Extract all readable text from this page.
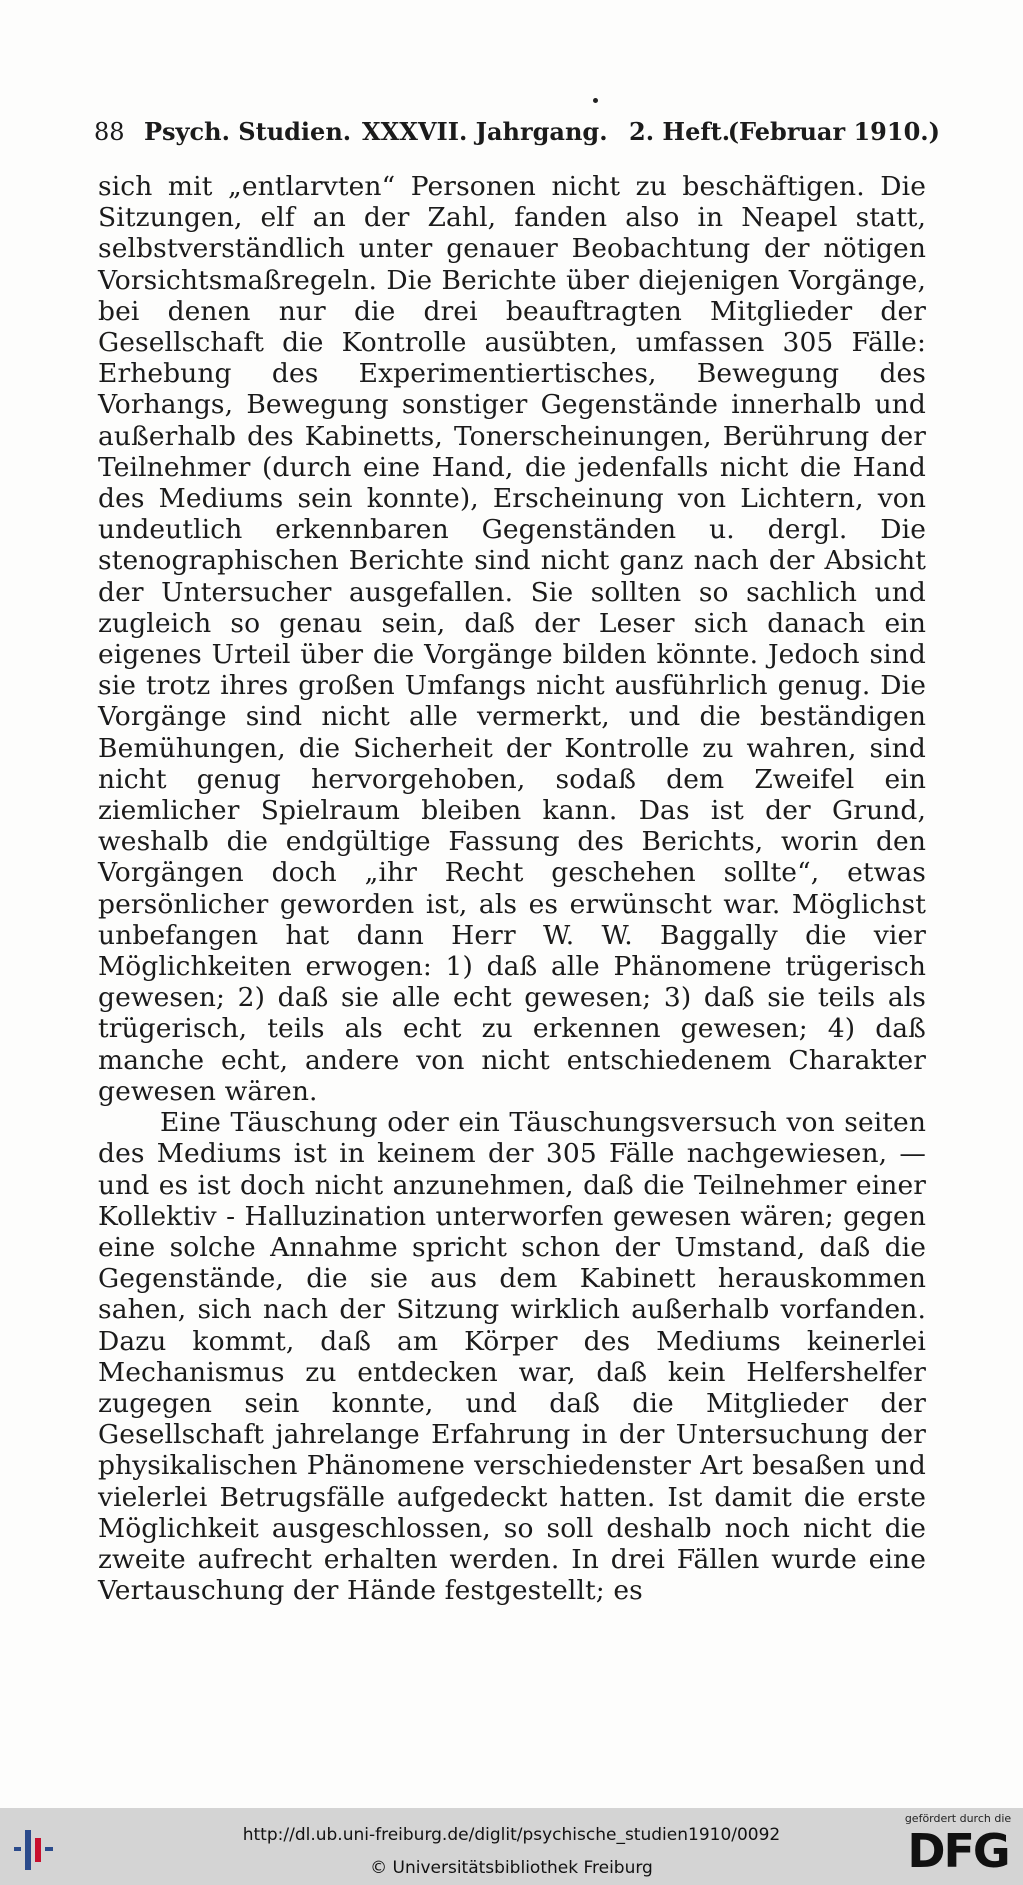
88 Psych. Studien. XXXVII. Jahrgang. 2. Heft.
(Februar 1910.)

sich mit „entlarvten“ Personen nicht zu beschäftigen. Die Sitzungen, elf an der Zahl, fanden also in Neapel statt, selbstverständlich unter genauer Beobachtung der nötigen Vorsichtsmaßregeln. Die Berichte über diejenigen Vorgänge, bei denen nur die drei beauftragten Mitglieder der Gesellschaft die Kontrolle ausübten, umfassen 305 Fälle: Erhebung des Experimentiertisches, Bewegung des Vorhangs, Bewegung sonstiger Gegenstände innerhalb und außerhalb des Kabinetts, Tonerscheinungen, Berührung der Teilnehmer (durch eine Hand, die jedenfalls nicht die Hand des Mediums sein konnte), Erscheinung von Lichtern, von undeutlich erkennbaren Gegenständen u. dergl. Die stenographischen Berichte sind nicht ganz nach der Absicht der Untersucher ausgefallen. Sie sollten so sachlich und zugleich so genau sein, daß der Leser sich danach ein eigenes Urteil über die Vorgänge bilden könnte. Jedoch sind sie trotz ihres großen Umfangs nicht ausführlich genug. Die Vorgänge sind nicht alle vermerkt, und die beständigen Bemühungen, die Sicherheit der Kontrolle zu wahren, sind nicht genug hervorgehoben, sodaß dem Zweifel ein ziemlicher Spielraum bleiben kann. Das ist der Grund, weshalb die endgültige Fassung des Berichts, worin den Vorgängen doch „ihr Recht geschehen sollte“, etwas persönlicher geworden ist, als es erwünscht war. Möglichst unbefangen hat dann Herr W. W. Baggally die vier Möglichkeiten erwogen: 1) daß alle Phänomene trügerisch gewesen; 2) daß sie alle echt gewesen; 3) daß sie teils als trügerisch, teils als echt zu erkennen gewesen; 4) daß manche echt, andere von nicht entschiedenem Charakter gewesen wären.

Eine Täuschung oder ein Täuschungsversuch von seiten des Mediums ist in keinem der 305 Fälle nachgewiesen, — und es ist doch nicht anzunehmen, daß die Teilnehmer einer Kollektiv - Halluzination unterworfen gewesen wären; gegen eine solche Annahme spricht schon der Umstand, daß die Gegenstände, die sie aus dem Kabinett herauskommen sahen, sich nach der Sitzung wirklich außerhalb vorfanden. Dazu kommt, daß am Körper des Mediums keinerlei Mechanismus zu entdecken war, daß kein Helfershelfer zugegen sein konnte, und daß die Mitglieder der Gesellschaft jahrelange Erfahrung in der Untersuchung der physikalischen Phänomene verschiedenster Art besaßen und vielerlei Betrugsfälle aufgedeckt hatten. Ist damit die erste Möglichkeit ausgeschlossen, so soll deshalb noch nicht die zweite aufrecht erhalten werden. In drei Fällen wurde eine Vertauschung der Hände festgestellt; es

http://dl.ub.uni-freiburg.de/diglit/psychische_studien1910/0092
© Universitätsbibliothek Freiburg
gefördert durch die
DFG
